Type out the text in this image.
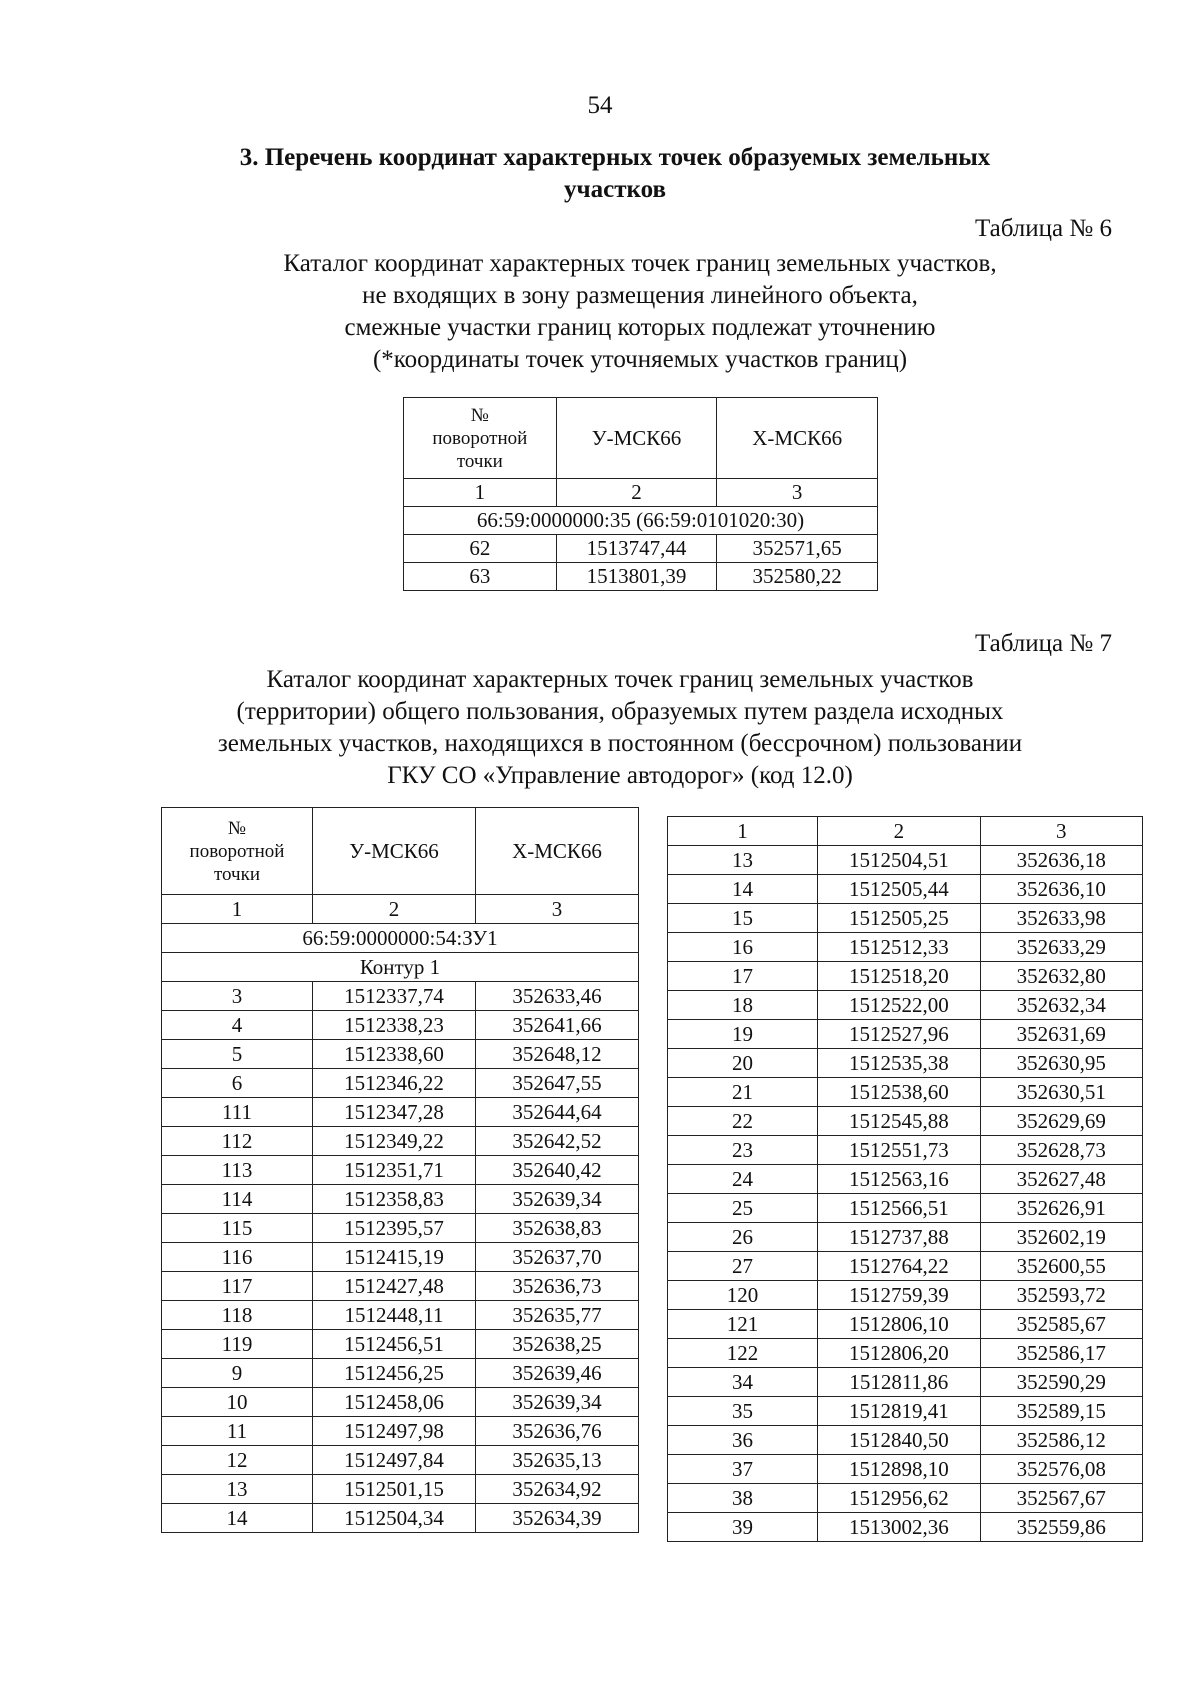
54
3. Перечень координат характерных точек образуемых земельных
участков
Таблица № 6
Каталог координат характерных точек границ земельных участков,
не входящих в зону размещения линейного объекта,
смежные участки границ которых подлежат уточнению
(*координаты точек уточняемых участков границ)
№
поворотной
точки	У-МСК66	Х-МСК66
1	2	3
66:59:0000000:35 (66:59:0101020:30)		
62	1513747,44	352571,65
63	1513801,39	352580,22
Таблица № 7
Каталог координат характерных точек границ земельных участков
(территории) общего пользования, образуемых путем раздела исходных
земельных участков, находящихся в постоянном (бессрочном) пользовании
ГКУ СО «Управление автодорог» (код 12.0)
№
поворотной
точки	У-МСК66	Х-МСК66
1	2	3
66:59:0000000:54:ЗУ1		
Контур 1		
3	1512337,74	352633,46
4	1512338,23	352641,66
5	1512338,60	352648,12
6	1512346,22	352647,55
111	1512347,28	352644,64
112	1512349,22	352642,52
113	1512351,71	352640,42
114	1512358,83	352639,34
115	1512395,57	352638,83
116	1512415,19	352637,70
117	1512427,48	352636,73
118	1512448,11	352635,77
119	1512456,51	352638,25
9	1512456,25	352639,46
10	1512458,06	352639,34
11	1512497,98	352636,76
12	1512497,84	352635,13
13	1512501,15	352634,92
14	1512504,34	352634,39
1	2	3
13	1512504,51	352636,18
14	1512505,44	352636,10
15	1512505,25	352633,98
16	1512512,33	352633,29
17	1512518,20	352632,80
18	1512522,00	352632,34
19	1512527,96	352631,69
20	1512535,38	352630,95
21	1512538,60	352630,51
22	1512545,88	352629,69
23	1512551,73	352628,73
24	1512563,16	352627,48
25	1512566,51	352626,91
26	1512737,88	352602,19
27	1512764,22	352600,55
120	1512759,39	352593,72
121	1512806,10	352585,67
122	1512806,20	352586,17
34	1512811,86	352590,29
35	1512819,41	352589,15
36	1512840,50	352586,12
37	1512898,10	352576,08
38	1512956,62	352567,67
39	1513002,36	352559,86
